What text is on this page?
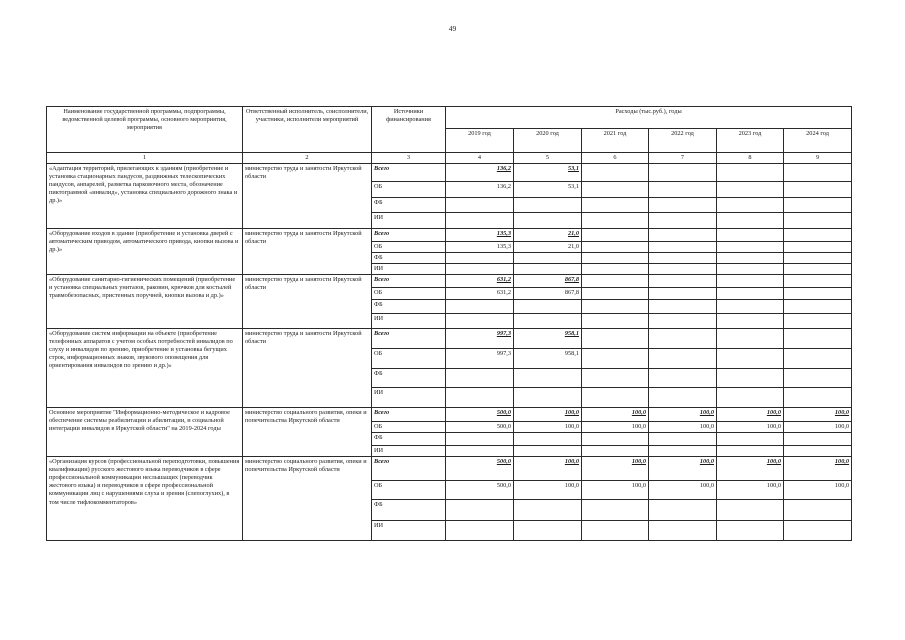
49
Наименование государственной программы, подпрограммы, ведомственной целевой программы, основного мероприятия, мероприятия	Ответственный исполнитель, соисполнители, участники, исполнители мероприятий	Источники финансирования	Расходы (тыс.руб.), годы					
			2019 год	2020 год	2021 год	2022 год	2023 год	2024 год
1	2	3	4	5	6	7	8	9
«Адаптация территорий, прилегающих к зданиям (приобретение и установка стационарных пандусов, раздвижных телескопических пандусов, анпарелей, разметка парковочного места, обозначение пиктограммой «инвалид», установка специального дорожного знака и др.)»	министерство труда и занятости Иркутской области	Всего	136,2	53,1				
		ОБ	136,2	53,1				
		ФБ						
		ИИ						
«Оборудование входов в здание (приобретение и установка дверей с автоматическим приводом, автоматического привода, кнопки вызова и др.)»	министерство труда и занятости Иркутской области	Всего	135,3	21,0				
		ОБ	135,3	21,0				
		ФБ						
		ИИ						
«Оборудование санитарно-гигиенических помещений (приобретение и установка специальных унитазов, раковин, крючков для костылей травмобезопасных, пристенных поручней, кнопки вызова и др.)»	министерство труда и занятости Иркутской области	Всего	631,2	867,8				
		ОБ	631,2	867,8				
		ФБ						
		ИИ						
«Оборудование систем информации на объекте (приобретение телефонных аппаратов с учетом особых потребностей инвалидов по слуху и инвалидов по зрению, приобретение и установка бегущих строк, информационных знаков, звукового оповещения для ориентирования инвалидов по зрению и др.)»	министерство труда и занятости Иркутской области	Всего	997,3	958,1				
		ОБ	997,3	958,1				
		ФБ						
		ИИ						
Основное мероприятие "Информационно-методическое и кадровое обеспечение системы реабилитации и абилитации, и социальной интеграции инвалидов в Иркутской области" на 2019-2024 годы	министерство социального развития, опеки и попечительства Иркутской области	Всего	500,0	100,0	100,0	100,0	100,0	100,0
		ОБ	500,0	100,0	100,0	100,0	100,0	100,0
		ФБ						
		ИИ						
«Организация курсов (профессиональной переподготовки, повышения квалификации) русского жестового языка переводчиков в сфере профессиональной коммуникации неслышащих (переводчик жестового языка) и переводчиков в сфере профессиональной коммуникации лиц с нарушениями слуха и зрения (слепоглухих), в том числе тифлокомментаторов»	министерство социального развития, опеки и попечительства Иркутской области	Всего	500,0	100,0	100,0	100,0	100,0	100,0
		ОБ	500,0	100,0	100,0	100,0	100,0	100,0
		ФБ						
		ИИ						
